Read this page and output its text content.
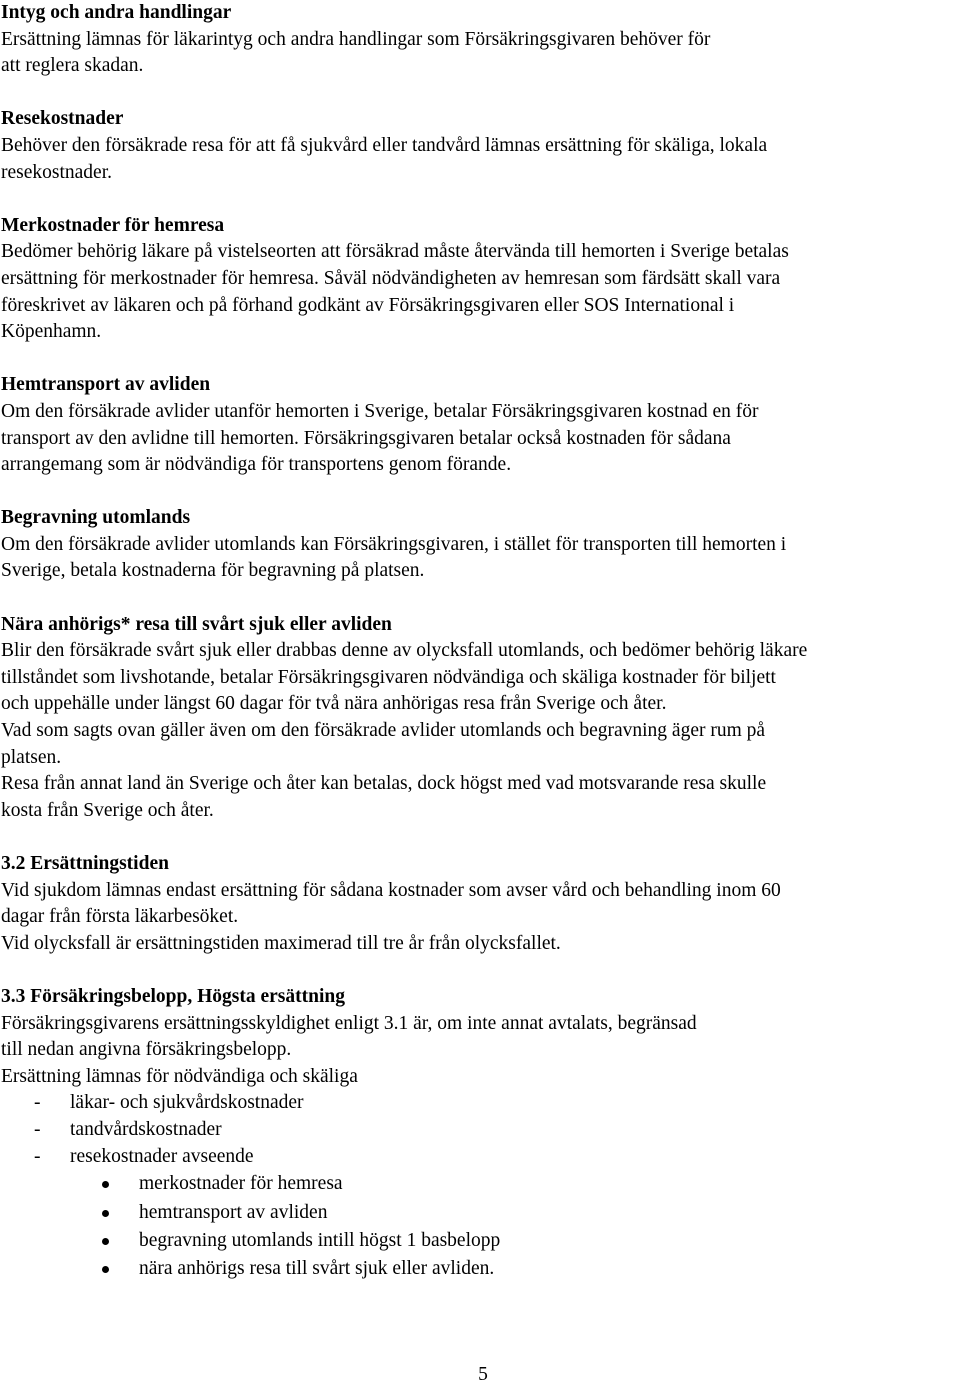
Intyg och andra handlingar
Ersättning lämnas för läkarintyg och andra handlingar som Försäkringsgivaren behöver för
att reglera skadan.
Resekostnader
Behöver den försäkrade resa för att få sjukvård eller tandvård lämnas ersättning för skäliga, lokala
resekostnader.
Merkostnader för hemresa
Bedömer behörig läkare på vistelseorten att försäkrad måste återvända till hemorten i Sverige betalas
ersättning för merkostnader för hemresa. Såväl nödvändigheten av hemresan som färdsätt skall vara
föreskrivet av läkaren och på förhand godkänt av Försäkringsgivaren eller SOS International i
Köpenhamn.
Hemtransport av avliden
Om den försäkrade avlider utanför hemorten i Sverige, betalar Försäkringsgivaren kostnad en för
transport av den avlidne till hemorten. Försäkringsgivaren betalar också kostnaden för sådana
arrangemang som är nödvändiga för transportens genom förande.
Begravning utomlands
Om den försäkrade avlider utomlands kan Försäkringsgivaren, i stället för transporten till hemorten i
Sverige, betala kostnaderna för begravning på platsen.
Nära anhörigs* resa till svårt sjuk eller avliden
Blir den försäkrade svårt sjuk eller drabbas denne av olycksfall utomlands, och bedömer behörig läkare
tillståndet som livshotande, betalar Försäkringsgivaren nödvändiga och skäliga kostnader för biljett
och uppehälle under längst 60 dagar för två nära anhörigas resa från Sverige och åter.
Vad som sagts ovan gäller även om den försäkrade avlider utomlands och begravning äger rum på
platsen.
Resa från annat land än Sverige och åter kan betalas, dock högst med vad motsvarande resa skulle
kosta från Sverige och åter.
3.2 Ersättningstiden
Vid sjukdom lämnas endast ersättning för sådana kostnader som avser vård och behandling inom 60
dagar från första läkarbesöket.
Vid olycksfall är ersättningstiden maximerad till tre år från olycksfallet.
3.3 Försäkringsbelopp, Högsta ersättning
Försäkringsgivarens ersättningsskyldighet enligt 3.1 är, om inte annat avtalats, begränsad
till nedan angivna försäkringsbelopp.
Ersättning lämnas för nödvändiga och skäliga
- läkar- och sjukvårdskostnader
- tandvårdskostnader
- resekostnader avseende
merkostnader för hemresa
hemtransport av avliden
begravning utomlands intill högst 1 basbelopp
nära anhörigs resa till svårt sjuk eller avliden.
5
